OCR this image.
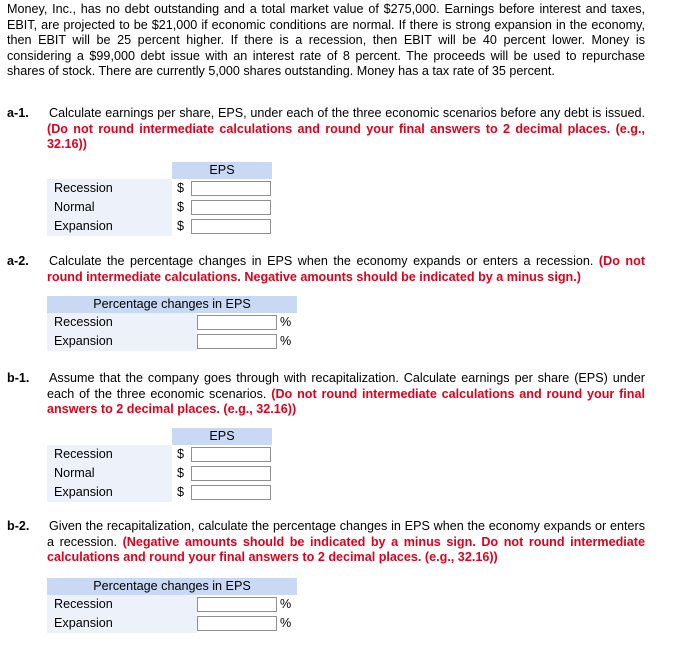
Money, Inc., has no debt outstanding and a total market value of $275,000. Earnings before interest and taxes, EBIT, are projected to be $21,000 if economic conditions are normal. If there is strong expansion in the economy, then EBIT will be 25 percent higher. If there is a recession, then EBIT will be 40 percent lower. Money is considering a $99,000 debt issue with an interest rate of 8 percent. The proceeds will be used to repurchase shares of stock. There are currently 5,000 shares outstanding. Money has a tax rate of 35 percent.
a-1.	Calculate earnings per share, EPS, under each of the three economic scenarios before any debt is issued. (Do not round intermediate calculations and round your final answers to 2 decimal places. (e.g., 32.16))
EPS
Recession	$
Normal	$
Expansion	$
a-2.	Calculate the percentage changes in EPS when the economy expands or enters a recession. (Do not round intermediate calculations. Negative amounts should be indicated by a minus sign.)
Percentage changes in EPS
Recession	%
Expansion	%
b-1.	Assume that the company goes through with recapitalization. Calculate earnings per share (EPS) under each of the three economic scenarios. (Do not round intermediate calculations and round your final answers to 2 decimal places. (e.g., 32.16))
EPS
Recession	$
Normal	$
Expansion	$
b-2.	Given the recapitalization, calculate the percentage changes in EPS when the economy expands or enters a recession. (Negative amounts should be indicated by a minus sign. Do not round intermediate calculations and round your final answers to 2 decimal places. (e.g., 32.16))
Percentage changes in EPS
Recession	%
Expansion	%
